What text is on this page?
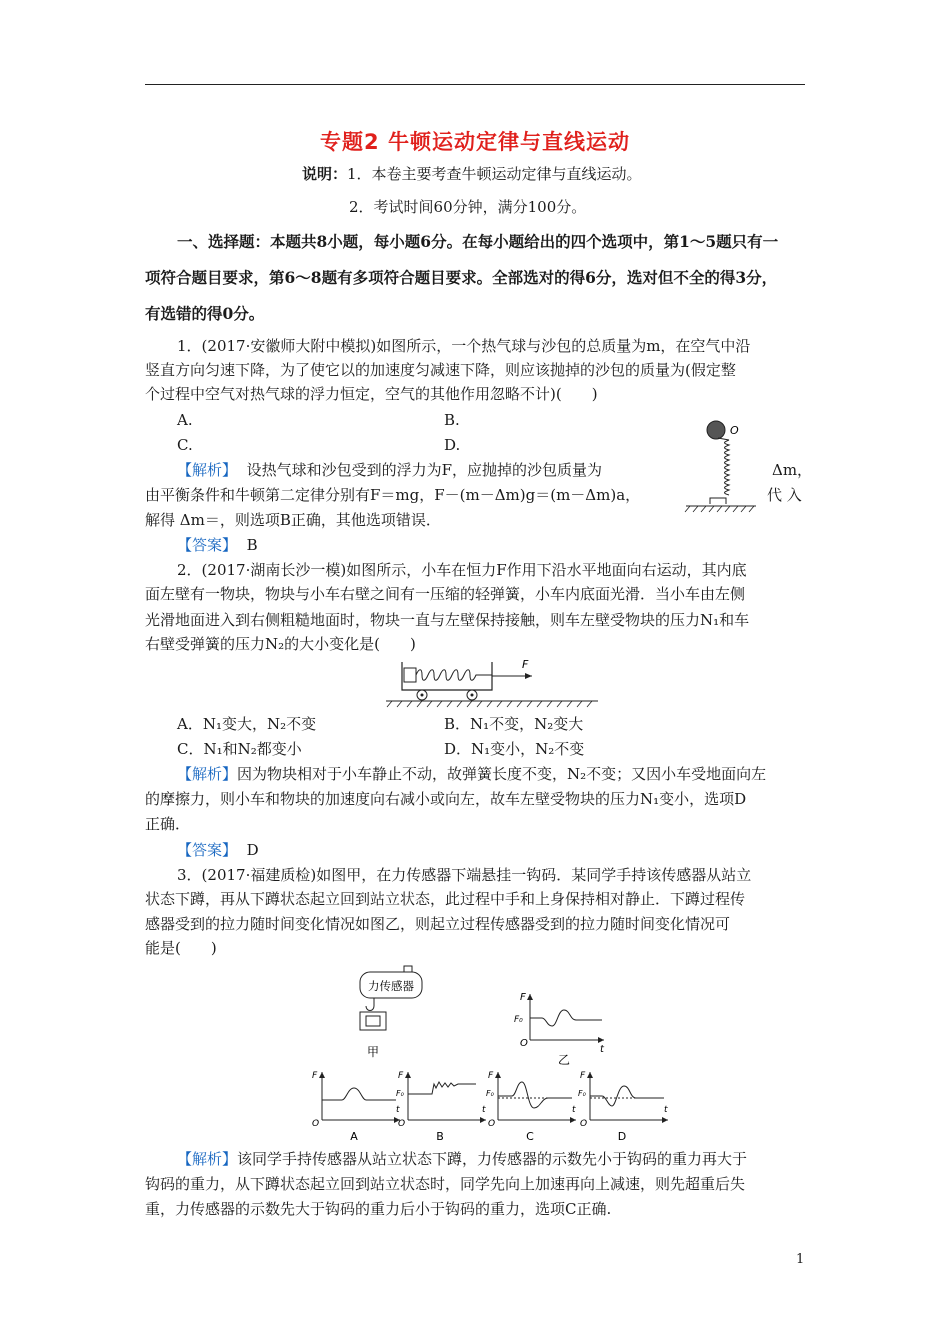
专题2 牛顿运动定律与直线运动
说明：1．本卷主要考查牛顿运动定律与直线运动。
2．考试时间60分钟，满分100分。
一、选择题：本题共8小题，每小题6分。在每小题给出的四个选项中，第1～5题只有一
项符合题目要求，第6～8题有多项符合题目要求。全部选对的得6分，选对但不全的得3分，
有选错的得0分。
1．(2017·安徽师大附中模拟)如图所示，一个热气球与沙包的总质量为m，在空气中沿
竖直方向匀速下降，为了使它以的加速度匀减速下降，则应该抛掉的沙包的质量为(假定整
个过程中空气对热气球的浮力恒定，空气的其他作用忽略不计)(　　)
A.	B.
C.	D.
【解析】 设热气球和沙包受到的浮力为F，应抛掉的沙包质量为	Δm，
由平衡条件和牛顿第二定律分别有F＝mg，F－(m－Δm)g＝(m－Δm)a，	代 入
解得 Δm＝，则选项B正确，其他选项错误．
【答案】 B
O
2．(2017·湖南长沙一模)如图所示，小车在恒力F作用下沿水平地面向右运动，其内底
面左壁有一物块，物块与小车右壁之间有一压缩的轻弹簧，小车内底面光滑．当小车由左侧
光滑地面进入到右侧粗糙地面时，物块一直与左壁保持接触，则车左壁受物块的压力N₁和车
右壁受弹簧的压力N₂的大小变化是(　　)
F
A．N₁变大，N₂不变	B．N₁不变，N₂变大
C．N₁和N₂都变小	D．N₁变小，N₂不变
【解析】因为物块相对于小车静止不动，故弹簧长度不变，N₂不变；又因小车受地面向左
的摩擦力，则小车和物块的加速度向右减小或向左，故车左壁受物块的压力N₁变小，选项D
正确．
【答案】 D
3．(2017·福建质检)如图甲，在力传感器下端悬挂一钩码．某同学手持该传感器从站立
状态下蹲，再从下蹲状态起立回到站立状态，此过程中手和上身保持相对静止．下蹲过程传
感器受到的拉力随时间变化情况如图乙，则起立过程传感器受到的拉力随时间变化情况可
能是(　　)
力传感器
甲
F
F₀
O
t
乙
F
O
t
A
F
F₀
O
t
B
F
F₀
O
t
C
F
F₀
O
t
D
【解析】该同学手持传感器从站立状态下蹲，力传感器的示数先小于钩码的重力再大于
钩码的重力，从下蹲状态起立回到站立状态时，同学先向上加速再向上减速，则先超重后失
重，力传感器的示数先大于钩码的重力后小于钩码的重力，选项C正确.
1
